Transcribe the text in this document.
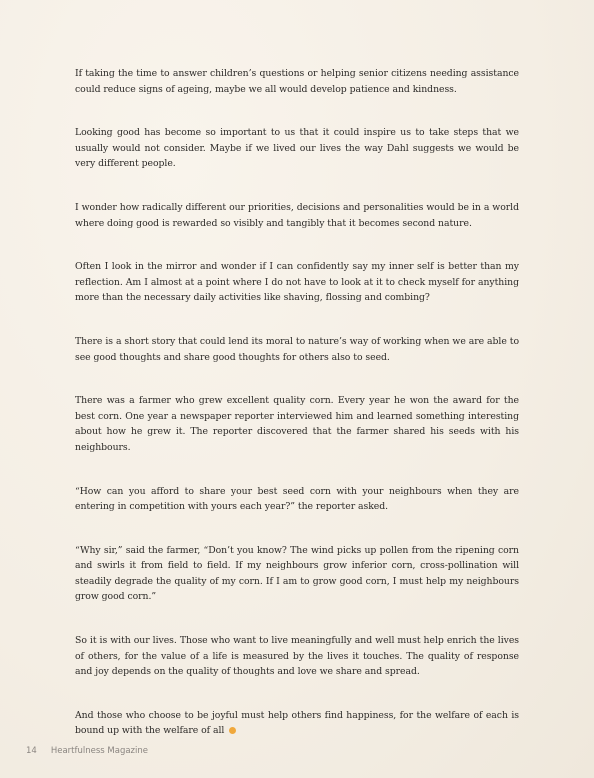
If taking the time to answer children’s questions or helping senior citizens needing assistance could reduce signs of ageing, maybe we all would develop patience and kindness.

Looking good has become so important to us that it could inspire us to take steps that we usually would not consider. Maybe if we lived our lives the way Dahl suggests we would be very different people.

I wonder how radically different our priorities, decisions and personalities would be in a world where doing good is rewarded so visibly and tangibly that it becomes second nature.

Often I look in the mirror and wonder if I can confidently say my inner self is better than my reflection. Am I almost at a point where I do not have to look at it to check myself for anything more than the necessary daily activities like shaving, flossing and combing?

There is a short story that could lend its moral to nature’s way of working when we are able to see good thoughts and share good thoughts for others also to seed.

There was a farmer who grew excellent quality corn. Every year he won the award for the best corn. One year a newspaper reporter interviewed him and learned something interesting about how he grew it. The reporter discovered that the farmer shared his seeds with his neighbours.

“How can you afford to share your best seed corn with your neighbours when they are entering in competition with yours each year?” the reporter asked.

“Why sir,” said the farmer, “Don’t you know? The wind picks up pollen from the ripening corn and swirls it from field to field. If my neighbours grow inferior corn, cross-pollination will steadily degrade the quality of my corn. If I am to grow good corn, I must help my neighbours grow good corn.”

So it is with our lives. Those who want to live meaningfully and well must help enrich the lives of others, for the value of a life is measured by the lives it touches. The quality of response and joy depends on the quality of thoughts and love we share and spread.

And those who choose to be joyful must help others find happiness, for the welfare of each is bound up with the welfare of all

14 Heartfulness Magazine
